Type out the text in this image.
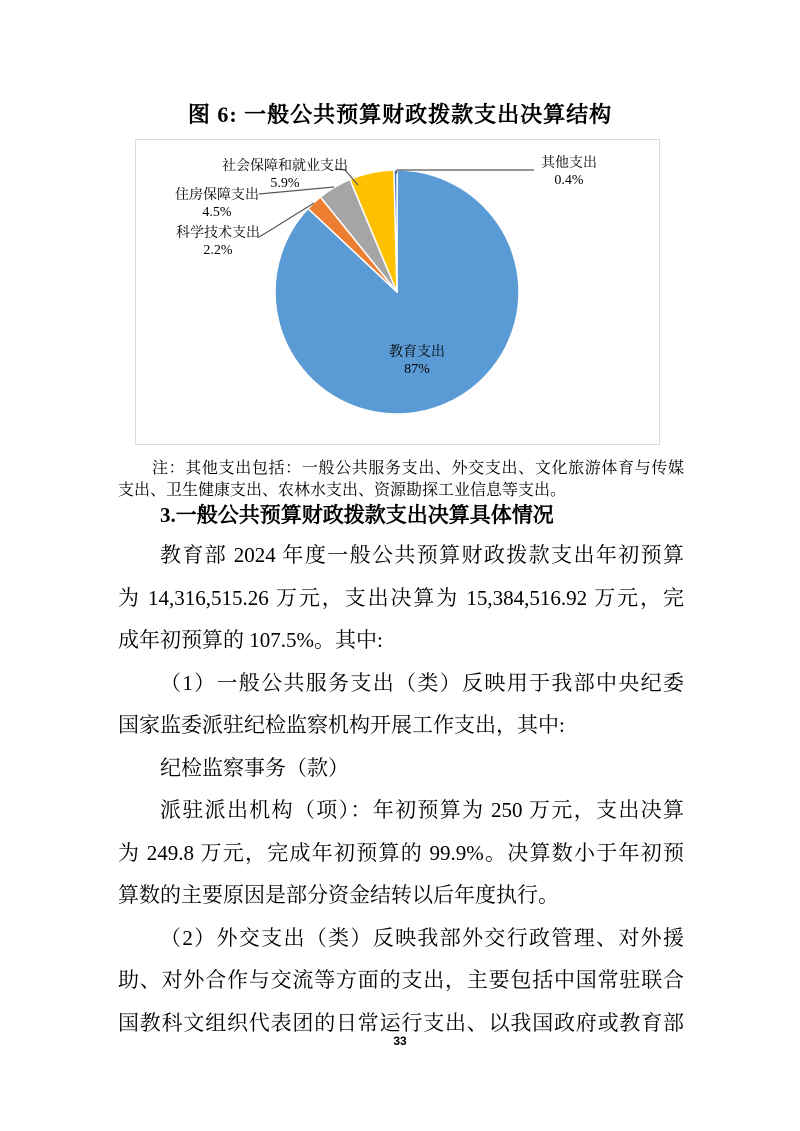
图 6: 一般公共预算财政拨款支出决算结构
社会保障和就业支出
5.9%
其他支出
0.4%
住房保障支出
4.5%
科学技术支出
2.2%
教育支出
87%
注：其他支出包括：一般公共服务支出、外交支出、文化旅游体育与传媒
支出、卫生健康支出、农林水支出、资源勘探工业信息等支出。
3.一般公共预算财政拨款支出决算具体情况
教育部 2024 年度一般公共预算财政拨款支出年初预算
为 14,316,515.26 万元，支出决算为 15,384,516.92 万元，完
成年初预算的 107.5%。其中:
（1）一般公共服务支出（类）反映用于我部中央纪委
国家监委派驻纪检监察机构开展工作支出，其中:
纪检监察事务（款）
派驻派出机构（项）：年初预算为 250 万元，支出决算
为 249.8 万元，完成年初预算的 99.9%。决算数小于年初预
算数的主要原因是部分资金结转以后年度执行。
（2）外交支出（类）反映我部外交行政管理、对外援
助、对外合作与交流等方面的支出，主要包括中国常驻联合
国教科文组织代表团的日常运行支出、以我国政府或教育部
33
